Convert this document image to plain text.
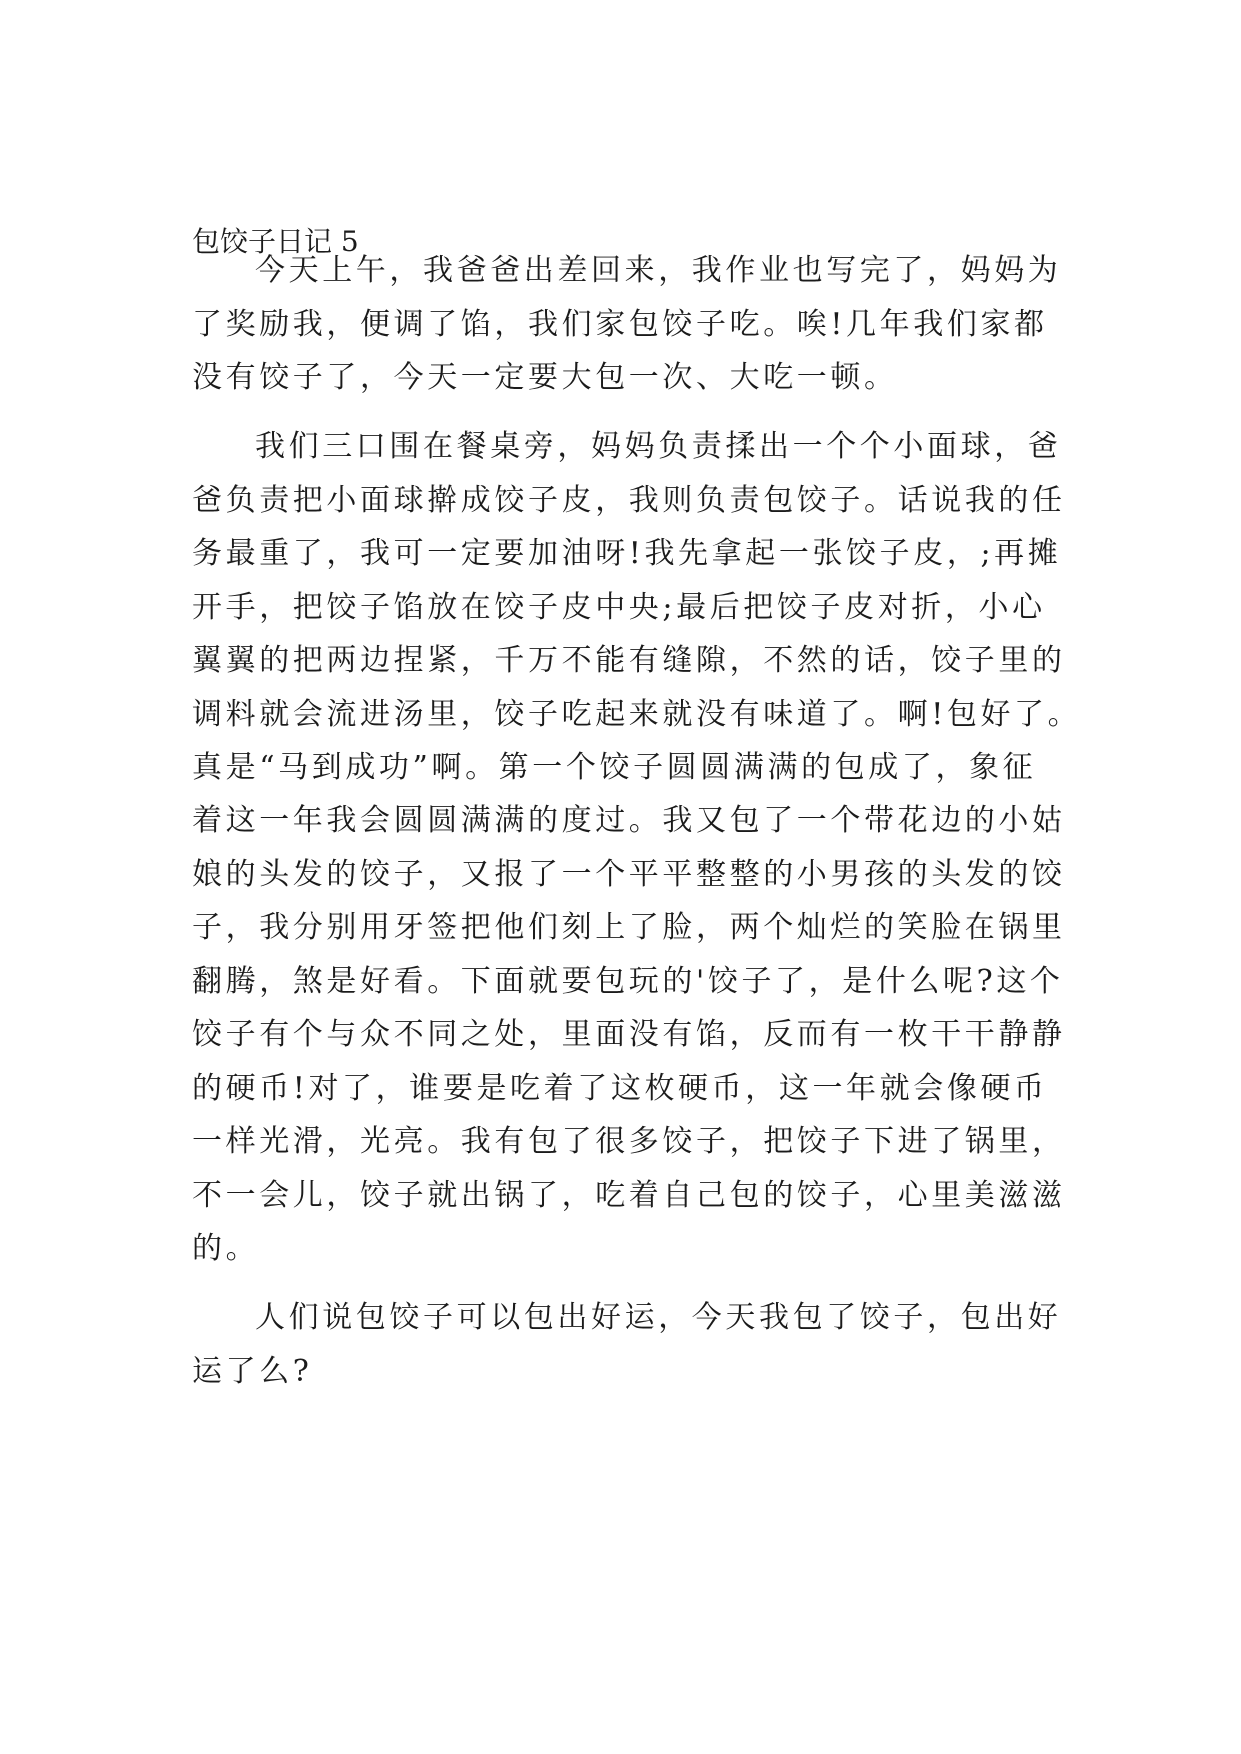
包饺子日记 5

今天上午，我爸爸出差回来，我作业也写完了，妈妈为

了奖励我，便调了馅，我们家包饺子吃。唉!几年我们家都

没有饺子了，今天一定要大包一次、大吃一顿。

我们三口围在餐桌旁，妈妈负责揉出一个个小面球，爸

爸负责把小面球擀成饺子皮，我则负责包饺子。话说我的任

务最重了，我可一定要加油呀!我先拿起一张饺子皮，;再摊

开手，把饺子馅放在饺子皮中央;最后把饺子皮对折，小心

翼翼的把两边捏紧，千万不能有缝隙，不然的话，饺子里的

调料就会流进汤里，饺子吃起来就没有味道了。啊!包好了。

真是“马到成功”啊。第一个饺子圆圆满满的包成了，象征

着这一年我会圆圆满满的度过。我又包了一个带花边的小姑

娘的头发的饺子，又报了一个平平整整的小男孩的头发的饺

子，我分别用牙签把他们刻上了脸，两个灿烂的笑脸在锅里

翻腾，煞是好看。下面就要包玩的'饺子了，是什么呢?这个

饺子有个与众不同之处，里面没有馅，反而有一枚干干静静

的硬币!对了，谁要是吃着了这枚硬币，这一年就会像硬币

一样光滑，光亮。我有包了很多饺子，把饺子下进了锅里，

不一会儿，饺子就出锅了，吃着自己包的饺子，心里美滋滋

的。

人们说包饺子可以包出好运，今天我包了饺子，包出好

运了么?
